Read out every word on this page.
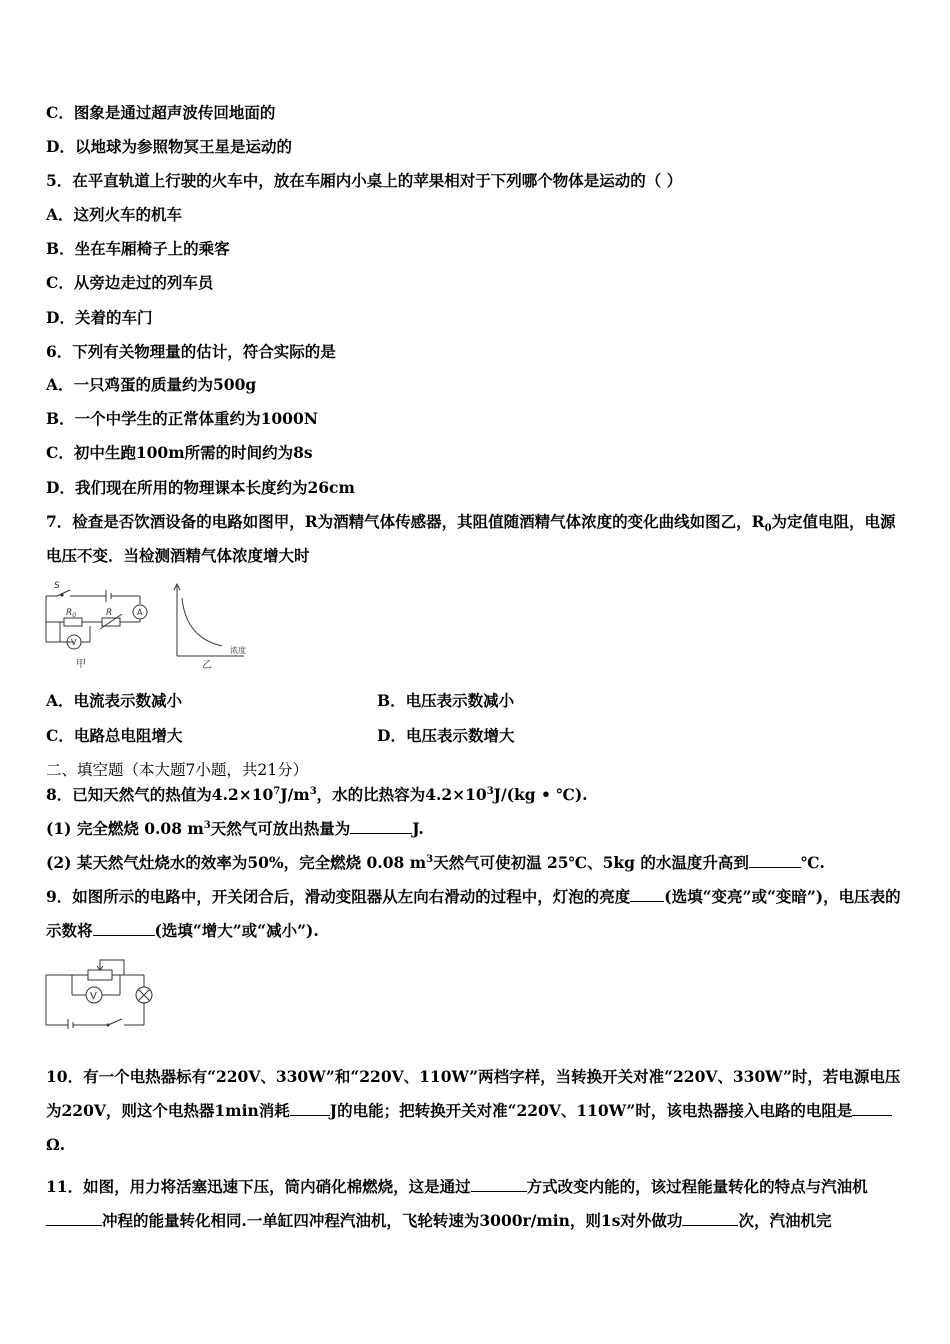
C．图象是通过超声波传回地面的
D．以地球为参照物冥王星是运动的
5．在平直轨道上行驶的火车中，放在车厢内小桌上的苹果相对于下列哪个物体是运动的（ ）
A．这列火车的机车
B．坐在车厢椅子上的乘客
C．从旁边走过的列车员
D．关着的车门
6．下列有关物理量的估计，符合实际的是
A．一只鸡蛋的质量约为500g
B．一个中学生的正常体重约为1000N
C．初中生跑100m所需的时间约为8s
D．我们现在所用的物理课本长度约为26cm
7．检查是否饮酒设备的电路如图甲，R为酒精气体传感器，其阻值随酒精气体浓度的变化曲线如图乙，$R_0$为定值电阻，电源电压不变．当检测酒精气体浓度增大时
S
$R_0$	R	A
V
甲
浓度
乙
A．电流表示数减小	B．电压表示数减小
C．电路总电阻增大	D．电压表示数增大
二、填空题（本大题7小题，共21分）
8．已知天然气的热值为$4.2\times 10^7J/m^3$，水的比热容为$4.2\times 10^3J/(kg$ • ℃).
(1) 完全燃烧 0.08 $m^3$天然气可放出热量为	J.
(2) 某天然气灶烧水的效率为50%，完全燃烧 0.08 $m^3$天然气可使初温 25℃、5kg 的水温度升高到	℃.
9．如图所示的电路中，开关闭合后，滑动变阻器从左向右滑动的过程中，灯泡的亮度 (选填“变亮”或“变暗”)，电压表的示数将	(选填“增大”或“减小”).
V
10．有一个电热器标有“220V、330W”和“220V、110W”两档字样，当转换开关对准“220V、330W”时，若电源电压为220V，则这个电热器1min消耗	J的电能；把转换开关对准“220V、110W”时，该电热器接入电路的电阻是Ω.
11．如图，用力将活塞迅速下压，筒内硝化棉燃烧，这是通过	方式改变内能的，该过程能量转化的特点与汽油机冲程的能量转化相同.一单缸四冲程汽油机，飞轮转速为3000r/min，则1s对外做功	次，汽油机完
